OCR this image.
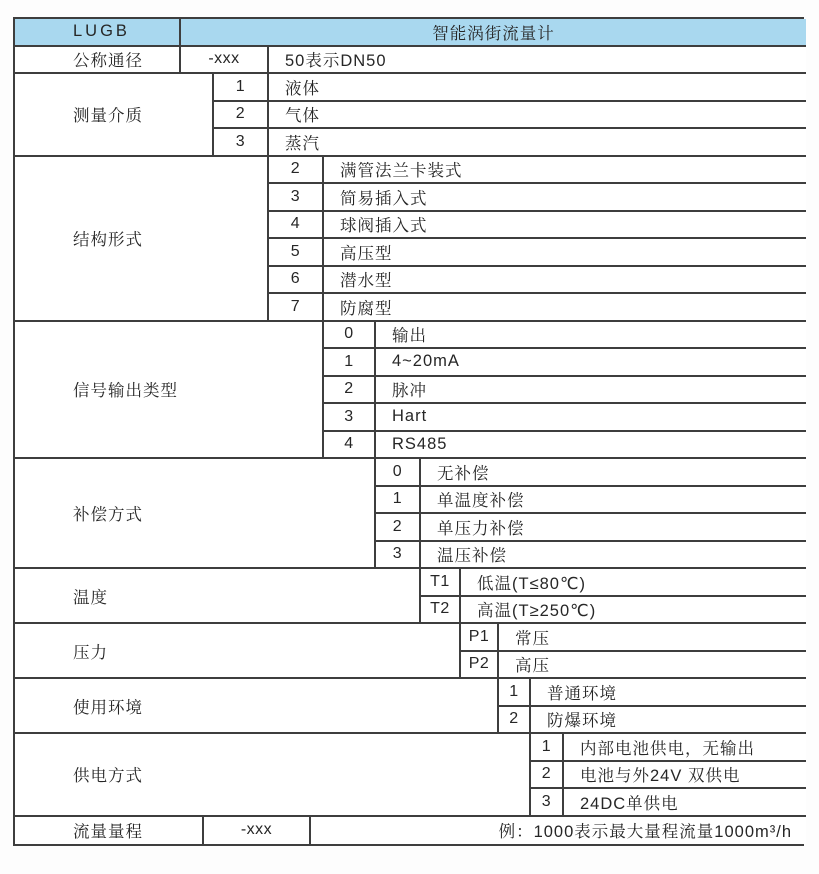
LUGB	智能涡街流量计
公称通径	-xxx	50表示DN50
测量介质
1	液体
2	气体
3	蒸汽
结构形式
2	满管法兰卡装式
3	简易插入式
4	球阀插入式
5	高压型
6	潜水型
7	防腐型
信号输出类型
0	输出
1	4~20mA
2	脉冲
3	Hart
4	RS485
补偿方式
0	无补偿
1	单温度补偿
2	单压力补偿
3	温压补偿
温度
T1	低温(T≤80℃)
T2	高温(T≥250℃)
压力
P1	常压
P2	高压
使用环境
1	普通环境
2	防爆环境
供电方式
1	内部电池供电，无输出
2	电池与外24V 双供电
3	24DC单供电
流量量程	-xxx	例：1000表示最大量程流量1000m³/h
